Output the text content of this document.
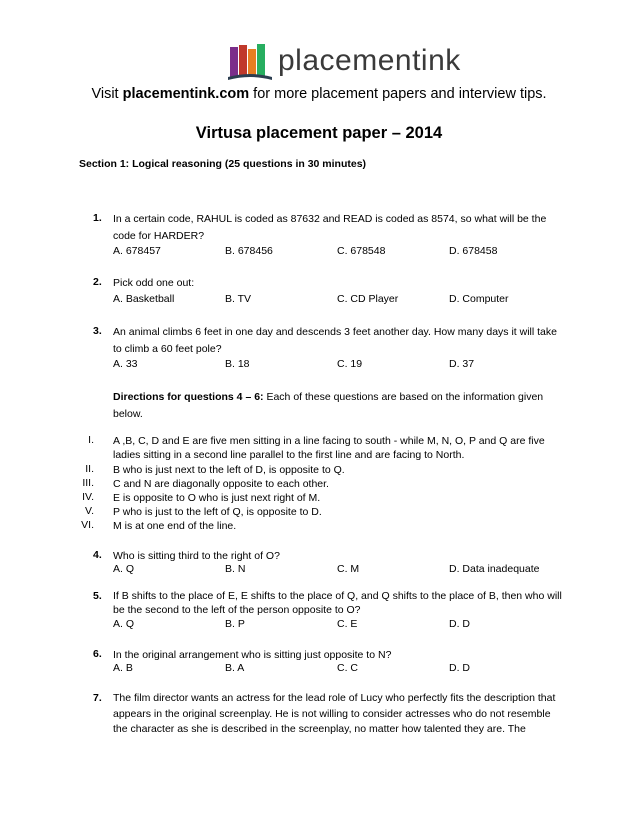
placementink
Visit placementink.com for more placement papers and interview tips.
Virtusa placement paper – 2014
Section 1: Logical reasoning (25 questions in 30 minutes)
1. In a certain code, RAHUL is coded as 87632 and READ is coded as 8574, so what will be the code for HARDER?
A. 678457	B. 678456	C. 678548	D. 678458
2. Pick odd one out:
A. Basketball	B. TV	C. CD Player	D. Computer
3. An animal climbs 6 feet in one day and descends 3 feet another day. How many days it will take to climb a 60 feet pole?
A. 33	B. 18	C. 19	D. 37
Directions for questions 4 – 6: Each of these questions are based on the information given below.
I. A ,B, C, D and E are five men sitting in a line facing to south - while M, N, O, P and Q are five ladies sitting in a second line parallel to the first line and are facing to North.
II. B who is just next to the left of D, is opposite to Q.
III. C and N are diagonally opposite to each other.
IV. E is opposite to O who is just next right of M.
V. P who is just to the left of Q, is opposite to D.
VI. M is at one end of the line.
4. Who is sitting third to the right of O?
A. Q	B. N	C. M	D. Data inadequate
5. If B shifts to the place of E, E shifts to the place of Q, and Q shifts to the place of B, then who will be the second to the left of the person opposite to O?
A. Q	B. P	C. E	D. D
6. In the original arrangement who is sitting just opposite to N?
A. B	B. A	C. C	D. D
7. The film director wants an actress for the lead role of Lucy who perfectly fits the description that appears in the original screenplay. He is not willing to consider actresses who do not resemble the character as she is described in the screenplay, no matter how talented they are. The
